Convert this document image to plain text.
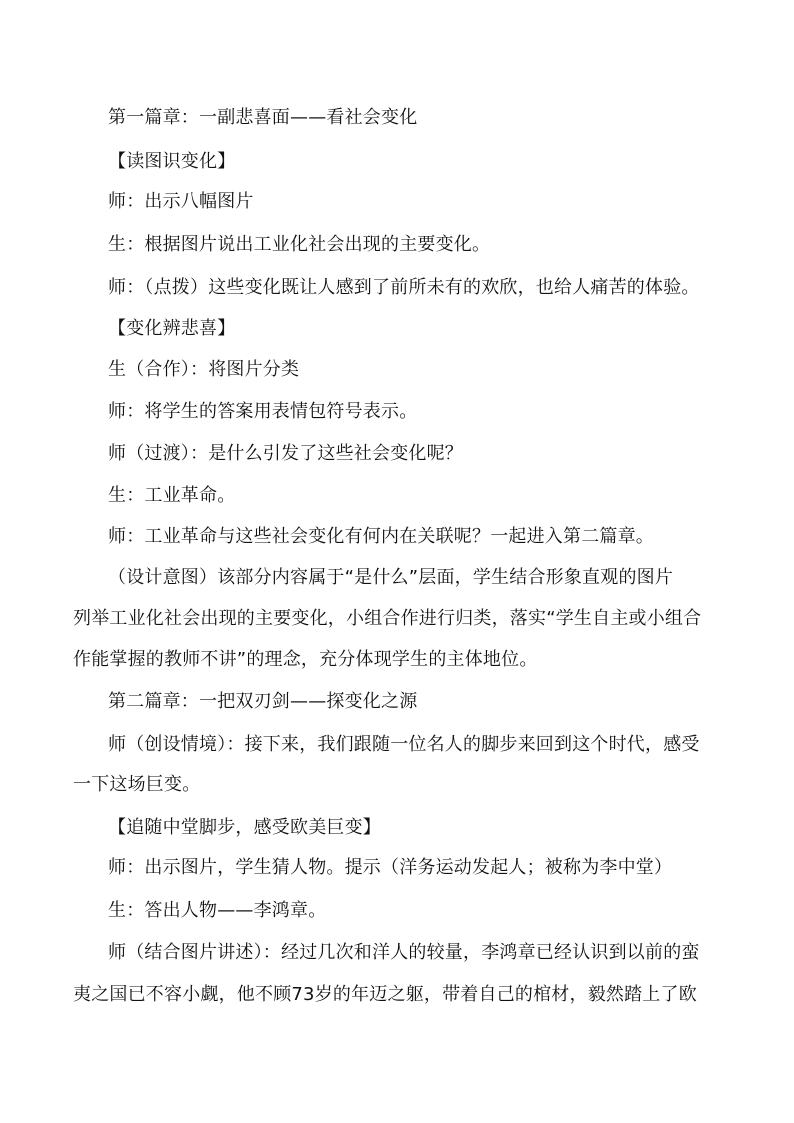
第一篇章：一副悲喜面——看社会变化
【读图识变化】
师：出示八幅图片
生：根据图片说出工业化社会出现的主要变化。
师：（点拨）这些变化既让人感到了前所未有的欢欣，也给人痛苦的体验。
【变化辨悲喜】
生（合作）：将图片分类
师：将学生的答案用表情包符号表示。
师（过渡）：是什么引发了这些社会变化呢？
生：工业革命。
师：工业革命与这些社会变化有何内在关联呢？一起进入第二篇章。
（设计意图）该部分内容属于“是什么”层面，学生结合形象直观的图片
列举工业化社会出现的主要变化，小组合作进行归类，落实“学生自主或小组合
作能掌握的教师不讲”的理念，充分体现学生的主体地位。
第二篇章：一把双刃剑——探变化之源
师（创设情境）：接下来，我们跟随一位名人的脚步来回到这个时代，感受
一下这场巨变。
【追随中堂脚步，感受欧美巨变】
师：出示图片，学生猜人物。提示（洋务运动发起人；被称为李中堂）
生：答出人物——李鸿章。
师（结合图片讲述）：经过几次和洋人的较量，李鸿章已经认识到以前的蛮
夷之国已不容小觑，他不顾73岁的年迈之躯，带着自己的棺材，毅然踏上了欧
